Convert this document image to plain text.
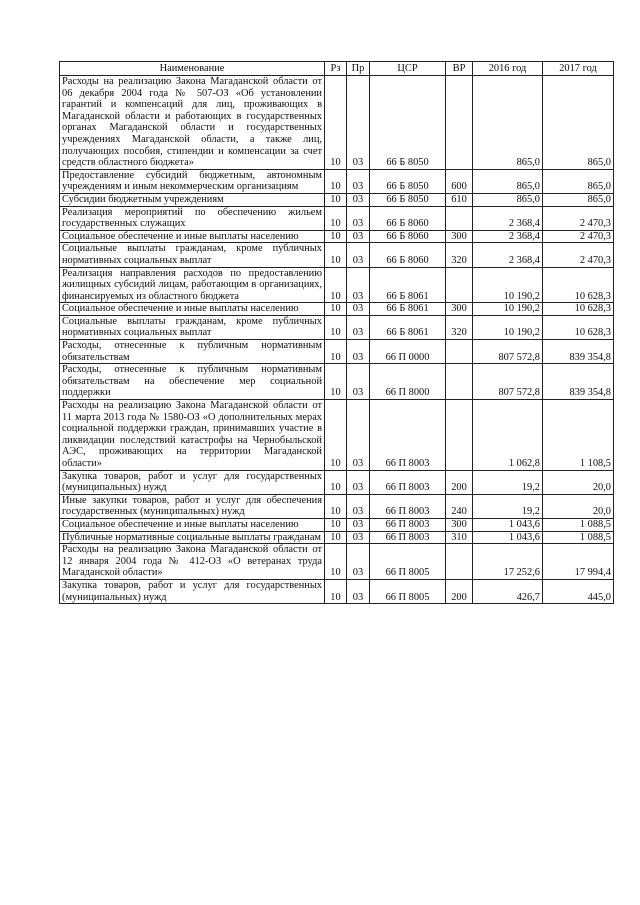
Наименование	Рз	Пр	ЦСР	ВР	2016 год	2017 год
Расходы на реализацию Закона Магаданской области от 06 декабря 2004 года № 507-ОЗ «Об установлении гарантий и компенсаций для лиц, проживающих в Магаданской области и работающих в государственных органах Магаданской области и государственных учреждениях Магаданской области, а также лиц, получающих пособия, стипендии и компенсации за счет средств областного бюджета»	10	03	66 Б 8050		865,0	865,0
Предоставление субсидий бюджетным, автономным учреждениям и иным некоммерческим организациям	10	03	66 Б 8050	600	865,0	865,0
Субсидии бюджетным учреждениям	10	03	66 Б 8050	610	865,0	865,0
Реализация мероприятий по обеспечению жильем государственных служащих	10	03	66 Б 8060		2 368,4	2 470,3
Социальное обеспечение и иные выплаты населению	10	03	66 Б 8060	300	2 368,4	2 470,3
Социальные выплаты гражданам, кроме публичных нормативных социальных выплат	10	03	66 Б 8060	320	2 368,4	2 470,3
Реализация направления расходов по предоставлению жилищных субсидий лицам, работающим в организациях, финансируемых из областного бюджета	10	03	66 Б 8061		10 190,2	10 628,3
Социальное обеспечение и иные выплаты населению	10	03	66 Б 8061	300	10 190,2	10 628,3
Социальные выплаты гражданам, кроме публичных нормативных социальных выплат	10	03	66 Б 8061	320	10 190,2	10 628,3
Расходы, отнесенные к публичным нормативным обязательствам	10	03	66 П 0000		807 572,8	839 354,8
Расходы, отнесенные к публичным нормативным обязательствам на обеспечение мер социальной поддержки	10	03	66 П 8000		807 572,8	839 354,8
Расходы на реализацию Закона Магаданской области от 11 марта 2013 года № 1580-ОЗ «О дополнительных мерах социальной поддержки граждан, принимавших участие в ликвидации последствий катастрофы на Чернобыльской АЭС, проживающих на территории Магаданской области»	10	03	66 П 8003		1 062,8	1 108,5
Закупка товаров, работ и услуг для государственных (муниципальных) нужд	10	03	66 П 8003	200	19,2	20,0
Иные закупки товаров, работ и услуг для обеспечения государственных (муниципальных) нужд	10	03	66 П 8003	240	19,2	20,0
Социальное обеспечение и иные выплаты населению	10	03	66 П 8003	300	1 043,6	1 088,5
Публичные нормативные социальные выплаты гражданам	10	03	66 П 8003	310	1 043,6	1 088,5
Расходы на реализацию Закона Магаданской области от 12 января 2004 года № 412-ОЗ «О ветеранах труда Магаданской области»	10	03	66 П 8005		17 252,6	17 994,4
Закупка товаров, работ и услуг для государственных (муниципальных) нужд	10	03	66 П 8005	200	426,7	445,0
